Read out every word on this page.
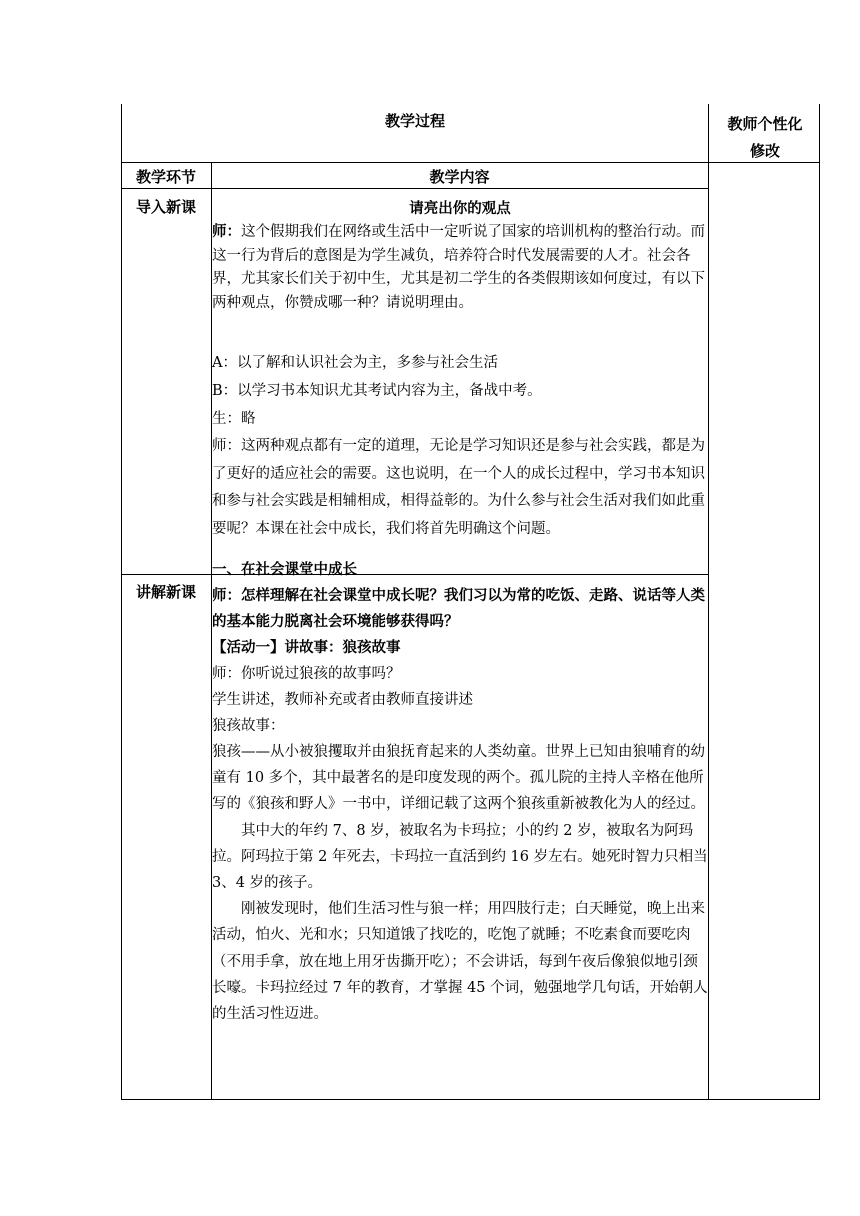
教学过程	教师个性化修改
教学环节	教学内容
导入新课
讲解新课

请亮出你的观点

师：这个假期我们在网络或生活中一定听说了国家的培训机构的整治行动。而这一行为背后的意图是为学生减负，培养符合时代发展需要的人才。社会各界，尤其家长们关于初中生，尤其是初二学生的各类假期该如何度过，有以下两种观点，你赞成哪一种？请说明理由。

A：以了解和认识社会为主，多参与社会生活

B：以学习书本知识尤其考试内容为主，备战中考。

生：略

师：这两种观点都有一定的道理，无论是学习知识还是参与社会实践，都是为了更好的适应社会的需要。这也说明，在一个人的成长过程中，学习书本知识和参与社会实践是相辅相成，相得益彰的。为什么参与社会生活对我们如此重要呢？本课在社会中成长，我们将首先明确这个问题。

一、在社会课堂中成长

师：怎样理解在社会课堂中成长呢？我们习以为常的吃饭、走路、说话等人类的基本能力脱离社会环境能够获得吗？

【活动一】讲故事：狼孩故事

师：你听说过狼孩的故事吗？

学生讲述，教师补充或者由教师直接讲述

狼孩故事：

狼孩——从小被狼攫取并由狼抚育起来的人类幼童。世界上已知由狼哺育的幼童有 10 多个，其中最著名的是印度发现的两个。孤儿院的主持人辛格在他所写的《狼孩和野人》一书中，详细记载了这两个狼孩重新被教化为人的经过。

其中大的年约 7、8 岁，被取名为卡玛拉；小的约 2 岁，被取名为阿玛拉。阿玛拉于第 2 年死去，卡玛拉一直活到约 16 岁左右。她死时智力只相当 3、4 岁的孩子。

刚被发现时，他们生活习性与狼一样；用四肢行走；白天睡觉，晚上出来活动，怕火、光和水；只知道饿了找吃的，吃饱了就睡；不吃素食而要吃肉（不用手拿，放在地上用牙齿撕开吃）；不会讲话，每到午夜后像狼似地引颈长嚎。卡玛拉经过 7 年的教育，才掌握 45 个词，勉强地学几句话，开始朝人的生活习性迈进。
